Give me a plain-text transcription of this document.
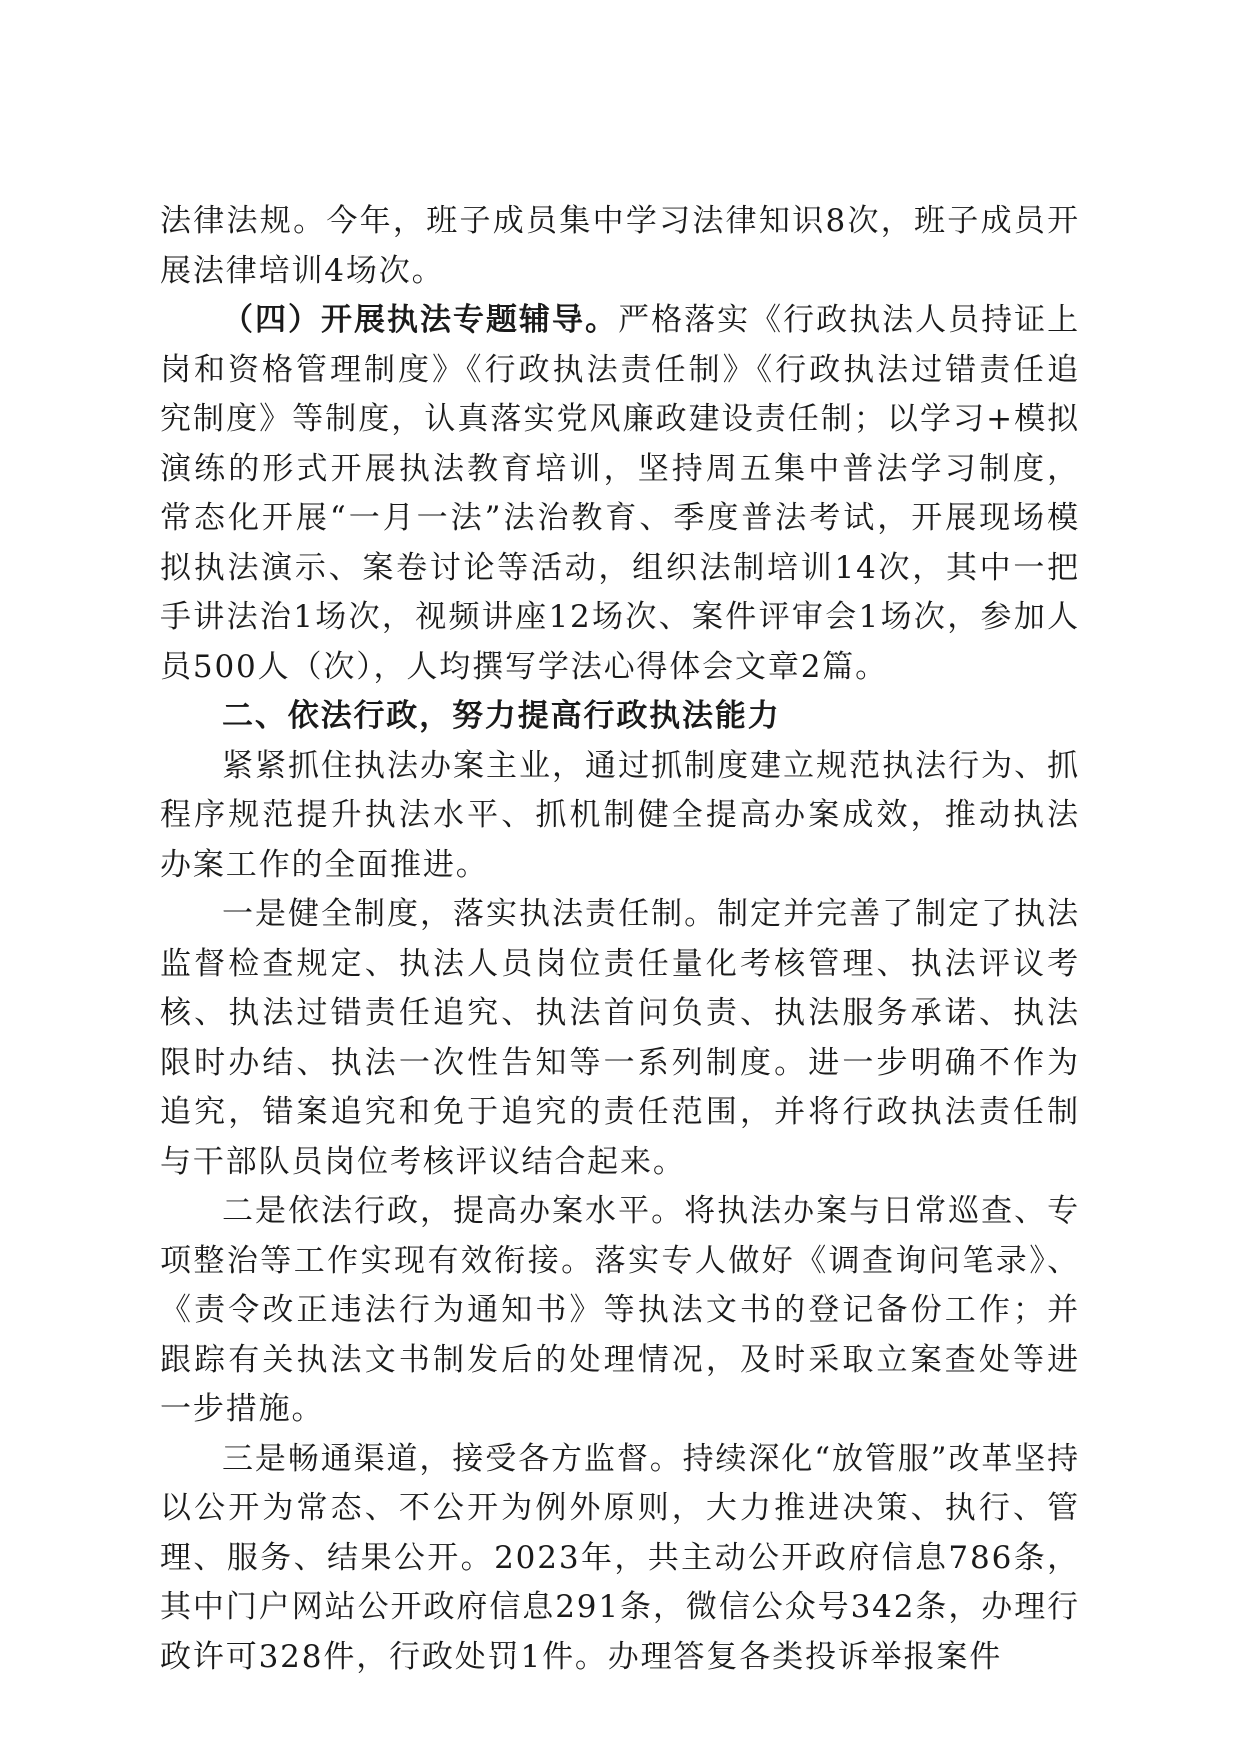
法律法规。今年，班子成员集中学习法律知识8次，班子成员开展法律培训4场次。

（四）开展执法专题辅导。严格落实《行政执法人员持证上岗和资格管理制度》《行政执法责任制》《行政执法过错责任追究制度》等制度，认真落实党风廉政建设责任制；以学习+模拟演练的形式开展执法教育培训，坚持周五集中普法学习制度，常态化开展“一月一法”法治教育、季度普法考试，开展现场模拟执法演示、案卷讨论等活动，组织法制培训14次，其中一把手讲法治1场次，视频讲座12场次、案件评审会1场次，参加人员500人（次），人均撰写学法心得体会文章2篇。

二、依法行政，努力提高行政执法能力

紧紧抓住执法办案主业，通过抓制度建立规范执法行为、抓程序规范提升执法水平、抓机制健全提高办案成效，推动执法办案工作的全面推进。

一是健全制度，落实执法责任制。制定并完善了制定了执法监督检查规定、执法人员岗位责任量化考核管理、执法评议考核、执法过错责任追究、执法首问负责、执法服务承诺、执法限时办结、执法一次性告知等一系列制度。进一步明确不作为追究，错案追究和免于追究的责任范围，并将行政执法责任制与干部队员岗位考核评议结合起来。

二是依法行政，提高办案水平。将执法办案与日常巡查、专项整治等工作实现有效衔接。落实专人做好《调查询问笔录》、《责令改正违法行为通知书》等执法文书的登记备份工作；并跟踪有关执法文书制发后的处理情况，及时采取立案查处等进一步措施。

三是畅通渠道，接受各方监督。持续深化“放管服”改革坚持以公开为常态、不公开为例外原则，大力推进决策、执行、管理、服务、结果公开。2023年，共主动公开政府信息786条，其中门户网站公开政府信息291条，微信公众号342条，办理行政许可328件，行政处罚1件。办理答复各类投诉举报案件
